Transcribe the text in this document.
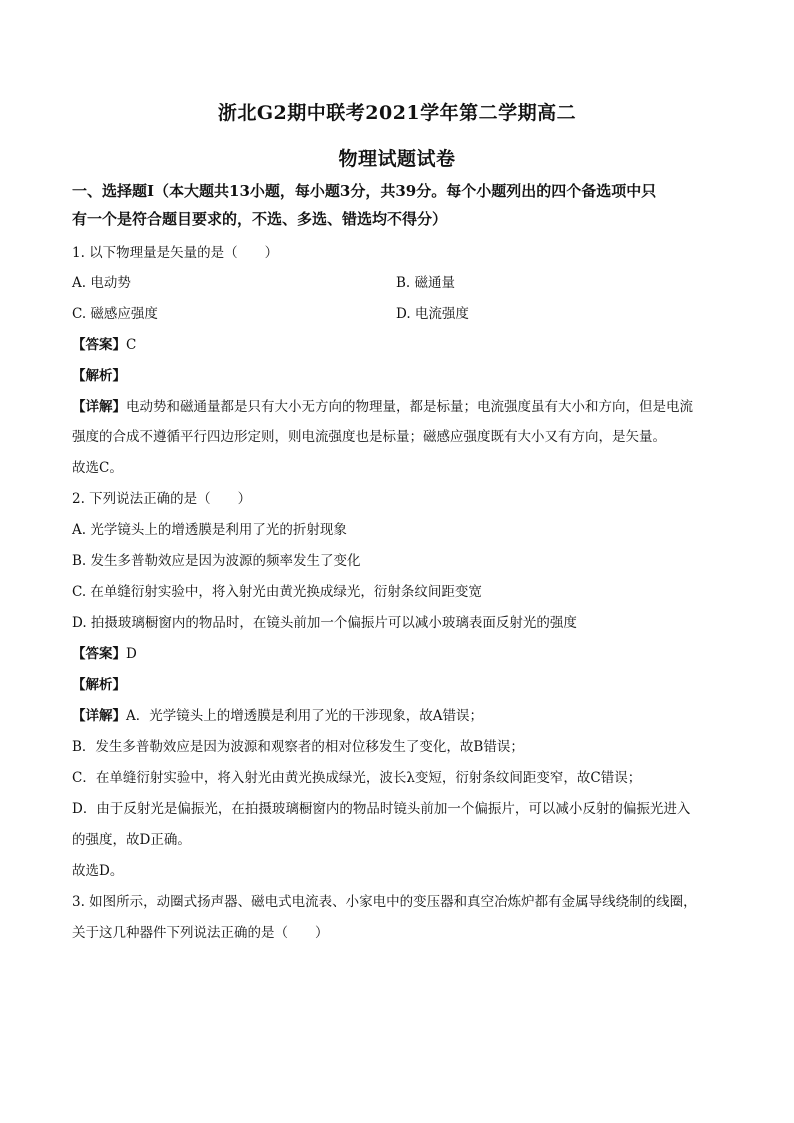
浙北G2期中联考2021学年第二学期高二
物理试题试卷
一、选择题Ⅰ（本大题共13小题，每小题3分，共39分。每个小题列出的四个备选项中只
有一个是符合题目要求的，不选、多选、错选均不得分）
1. 以下物理量是矢量的是（　　）
A. 电动势	B. 磁通量
C. 磁感应强度	D. 电流强度
【答案】C
【解析】
【详解】电动势和磁通量都是只有大小无方向的物理量，都是标量；电流强度虽有大小和方向，但是电流
强度的合成不遵循平行四边形定则，则电流强度也是标量；磁感应强度既有大小又有方向，是矢量。
故选C。
2. 下列说法正确的是（　　）
A. 光学镜头上的增透膜是利用了光的折射现象
B. 发生多普勒效应是因为波源的频率发生了变化
C. 在单缝衍射实验中，将入射光由黄光换成绿光，衍射条纹间距变宽
D. 拍摄玻璃橱窗内的物品时，在镜头前加一个偏振片可以减小玻璃表面反射光的强度
【答案】D
【解析】
【详解】A．光学镜头上的增透膜是利用了光的干涉现象，故A错误；
B．发生多普勒效应是因为波源和观察者的相对位移发生了变化，故B错误；
C．在单缝衍射实验中，将入射光由黄光换成绿光，波长λ变短，衍射条纹间距变窄，故C错误；
D．由于反射光是偏振光，在拍摄玻璃橱窗内的物品时镜头前加一个偏振片，可以减小反射的偏振光进入
的强度，故D正确。
故选D。
3. 如图所示，动圈式扬声器、磁电式电流表、小家电中的变压器和真空冶炼炉都有金属导线绕制的线圈，
关于这几种器件下列说法正确的是（　　）
